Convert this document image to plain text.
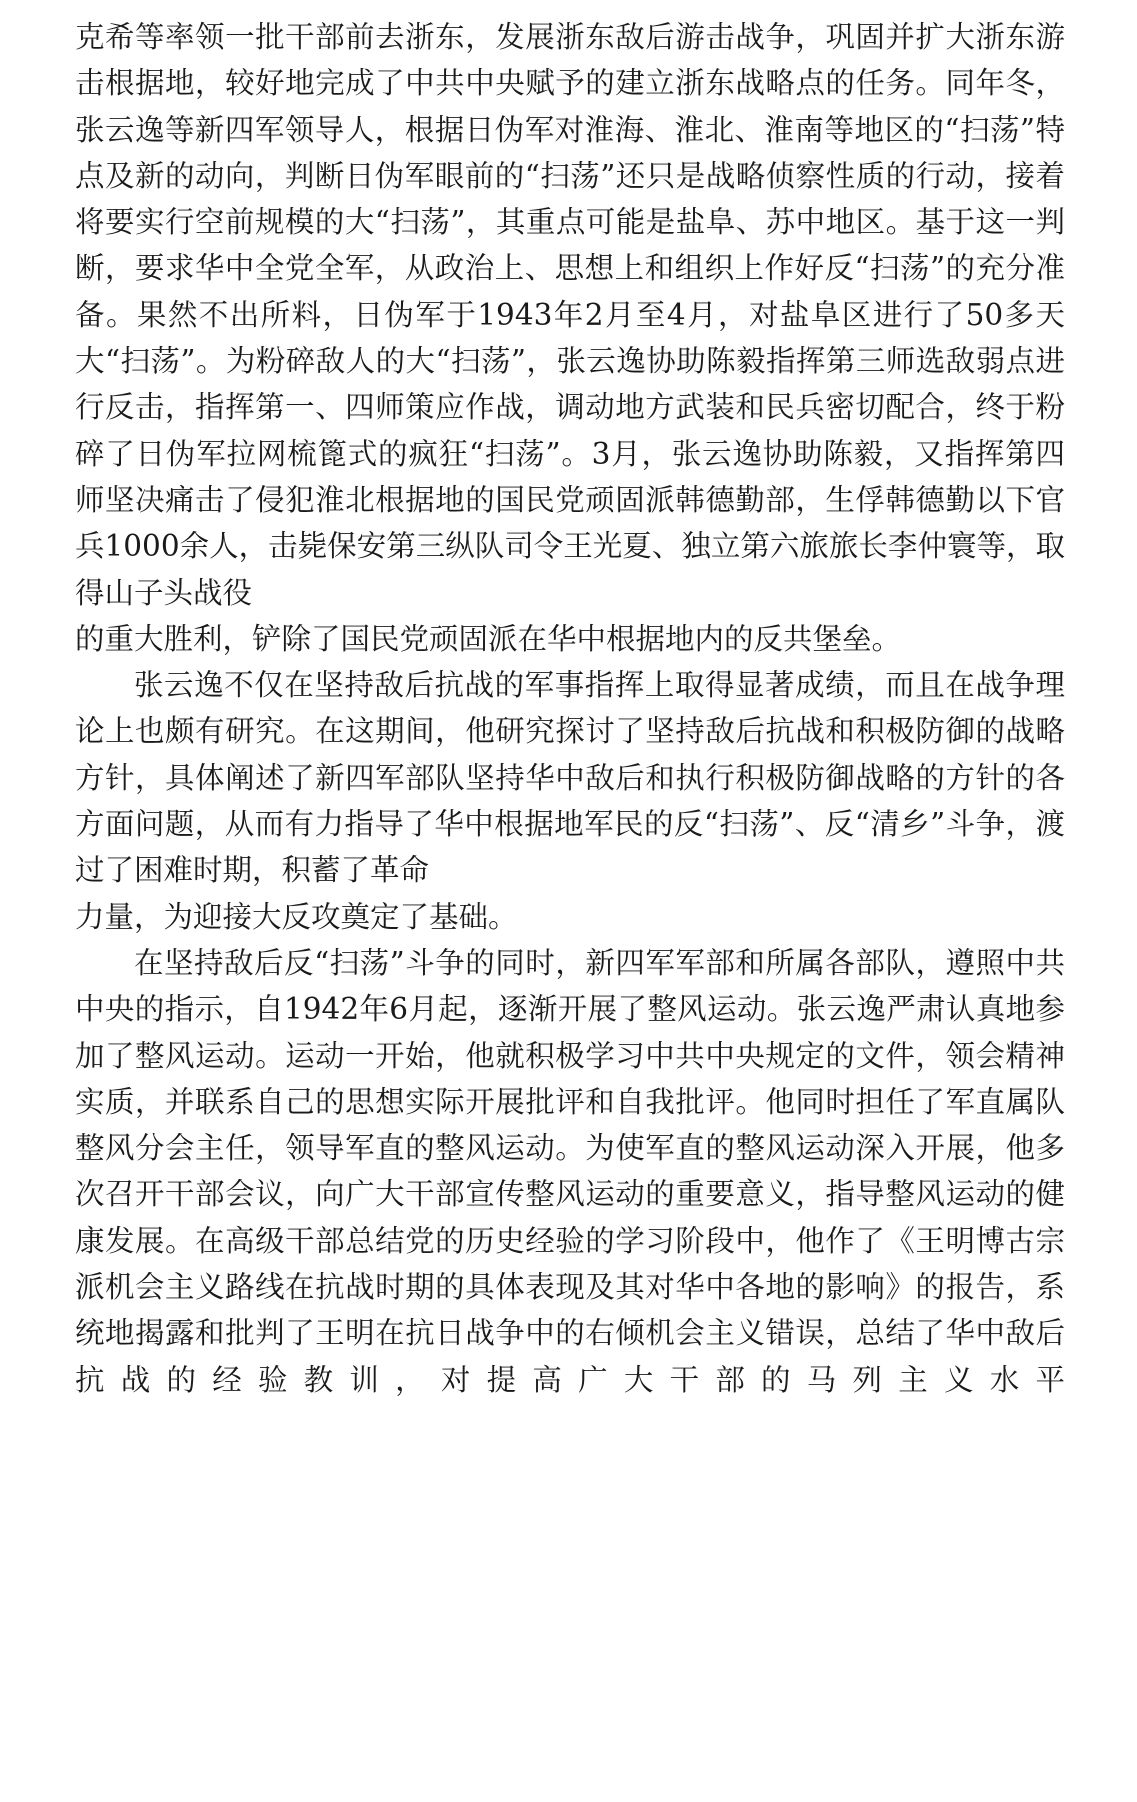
克希等率领一批干部前去浙东，发展浙东敌后游击战争，巩固并扩大浙东游击根据地，较好地完成了中共中央赋予的建立浙东战略点的任务。同年冬，张云逸等新四军领导人，根据日伪军对淮海、淮北、淮南等地区的“扫荡”特点及新的动向，判断日伪军眼前的“扫荡”还只是战略侦察性质的行动，接着将要实行空前规模的大“扫荡”，其重点可能是盐阜、苏中地区。基于这一判断，要求华中全党全军，从政治上、思想上和组织上作好反“扫荡”的充分准备。果然不出所料，日伪军于1943年2月至4月，对盐阜区进行了50多天大“扫荡”。为粉碎敌人的大“扫荡”，张云逸协助陈毅指挥第三师选敌弱点进行反击，指挥第一、四师策应作战，调动地方武装和民兵密切配合，终于粉碎了日伪军拉网梳篦式的疯狂“扫荡”。3月，张云逸协助陈毅，又指挥第四师坚决痛击了侵犯淮北根据地的国民党顽固派韩德勤部，生俘韩德勤以下官兵1000余人，击毙保安第三纵队司令王光夏、独立第六旅旅长李仲寰等，取得山子头战役
的重大胜利，铲除了国民党顽固派在华中根据地内的反共堡垒。

张云逸不仅在坚持敌后抗战的军事指挥上取得显著成绩，而且在战争理论上也颇有研究。在这期间，他研究探讨了坚持敌后抗战和积极防御的战略方针，具体阐述了新四军部队坚持华中敌后和执行积极防御战略的方针的各方面问题，从而有力指导了华中根据地军民的反“扫荡”、反“清乡”斗争，渡过了困难时期，积蓄了革命
力量，为迎接大反攻奠定了基础。

在坚持敌后反“扫荡”斗争的同时，新四军军部和所属各部队，遵照中共中央的指示，自1942年6月起，逐渐开展了整风运动。张云逸严肃认真地参加了整风运动。运动一开始，他就积极学习中共中央规定的文件，领会精神实质，并联系自己的思想实际开展批评和自我批评。他同时担任了军直属队整风分会主任，领导军直的整风运动。为使军直的整风运动深入开展，他多次召开干部会议，向广大干部宣传整风运动的重要意义，指导整风运动的健康发展。在高级干部总结党的历史经验的学习阶段中，他作了《王明博古宗派机会主义路线在抗战时期的具体表现及其对华中各地的影响》的报告，系统地揭露和批判了王明在抗日战争中的右倾机会主义错误，总结了华中敌后抗战的经验教训，对提高广大干部的马列主义水平
